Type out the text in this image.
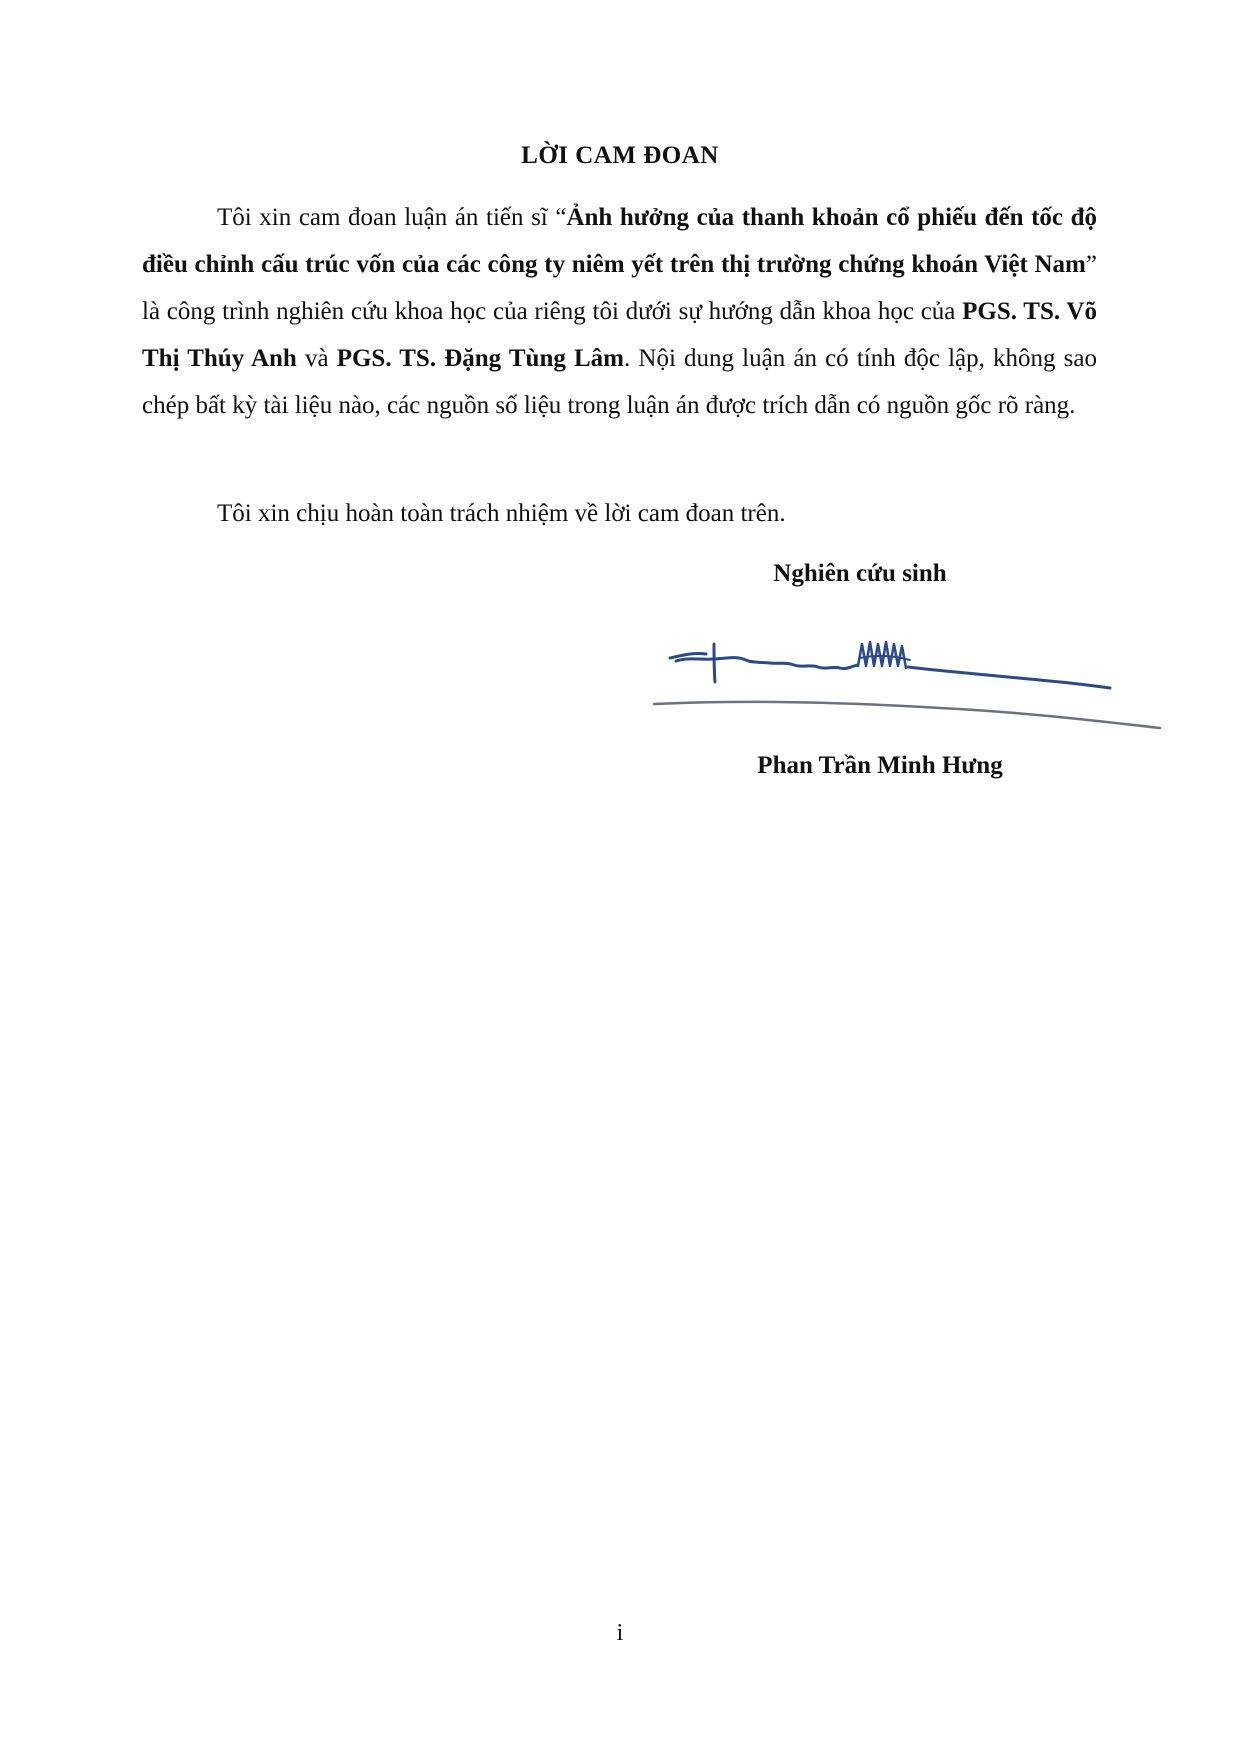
LỜI CAM ĐOAN
Tôi xin cam đoan luận án tiến sĩ “Ảnh hưởng của thanh khoản cổ phiếu đến tốc độ điều chỉnh cấu trúc vốn của các công ty niêm yết trên thị trường chứng khoán Việt Nam” là công trình nghiên cứu khoa học của riêng tôi dưới sự hướng dẫn khoa học của PGS. TS. Võ Thị Thúy Anh và PGS. TS. Đặng Tùng Lâm. Nội dung luận án có tính độc lập, không sao chép bất kỳ tài liệu nào, các nguồn số liệu trong luận án được trích dẫn có nguồn gốc rõ ràng.
Tôi xin chịu hoàn toàn trách nhiệm về lời cam đoan trên.
Nghiên cứu sinh
Phan Trần Minh Hưng
i
